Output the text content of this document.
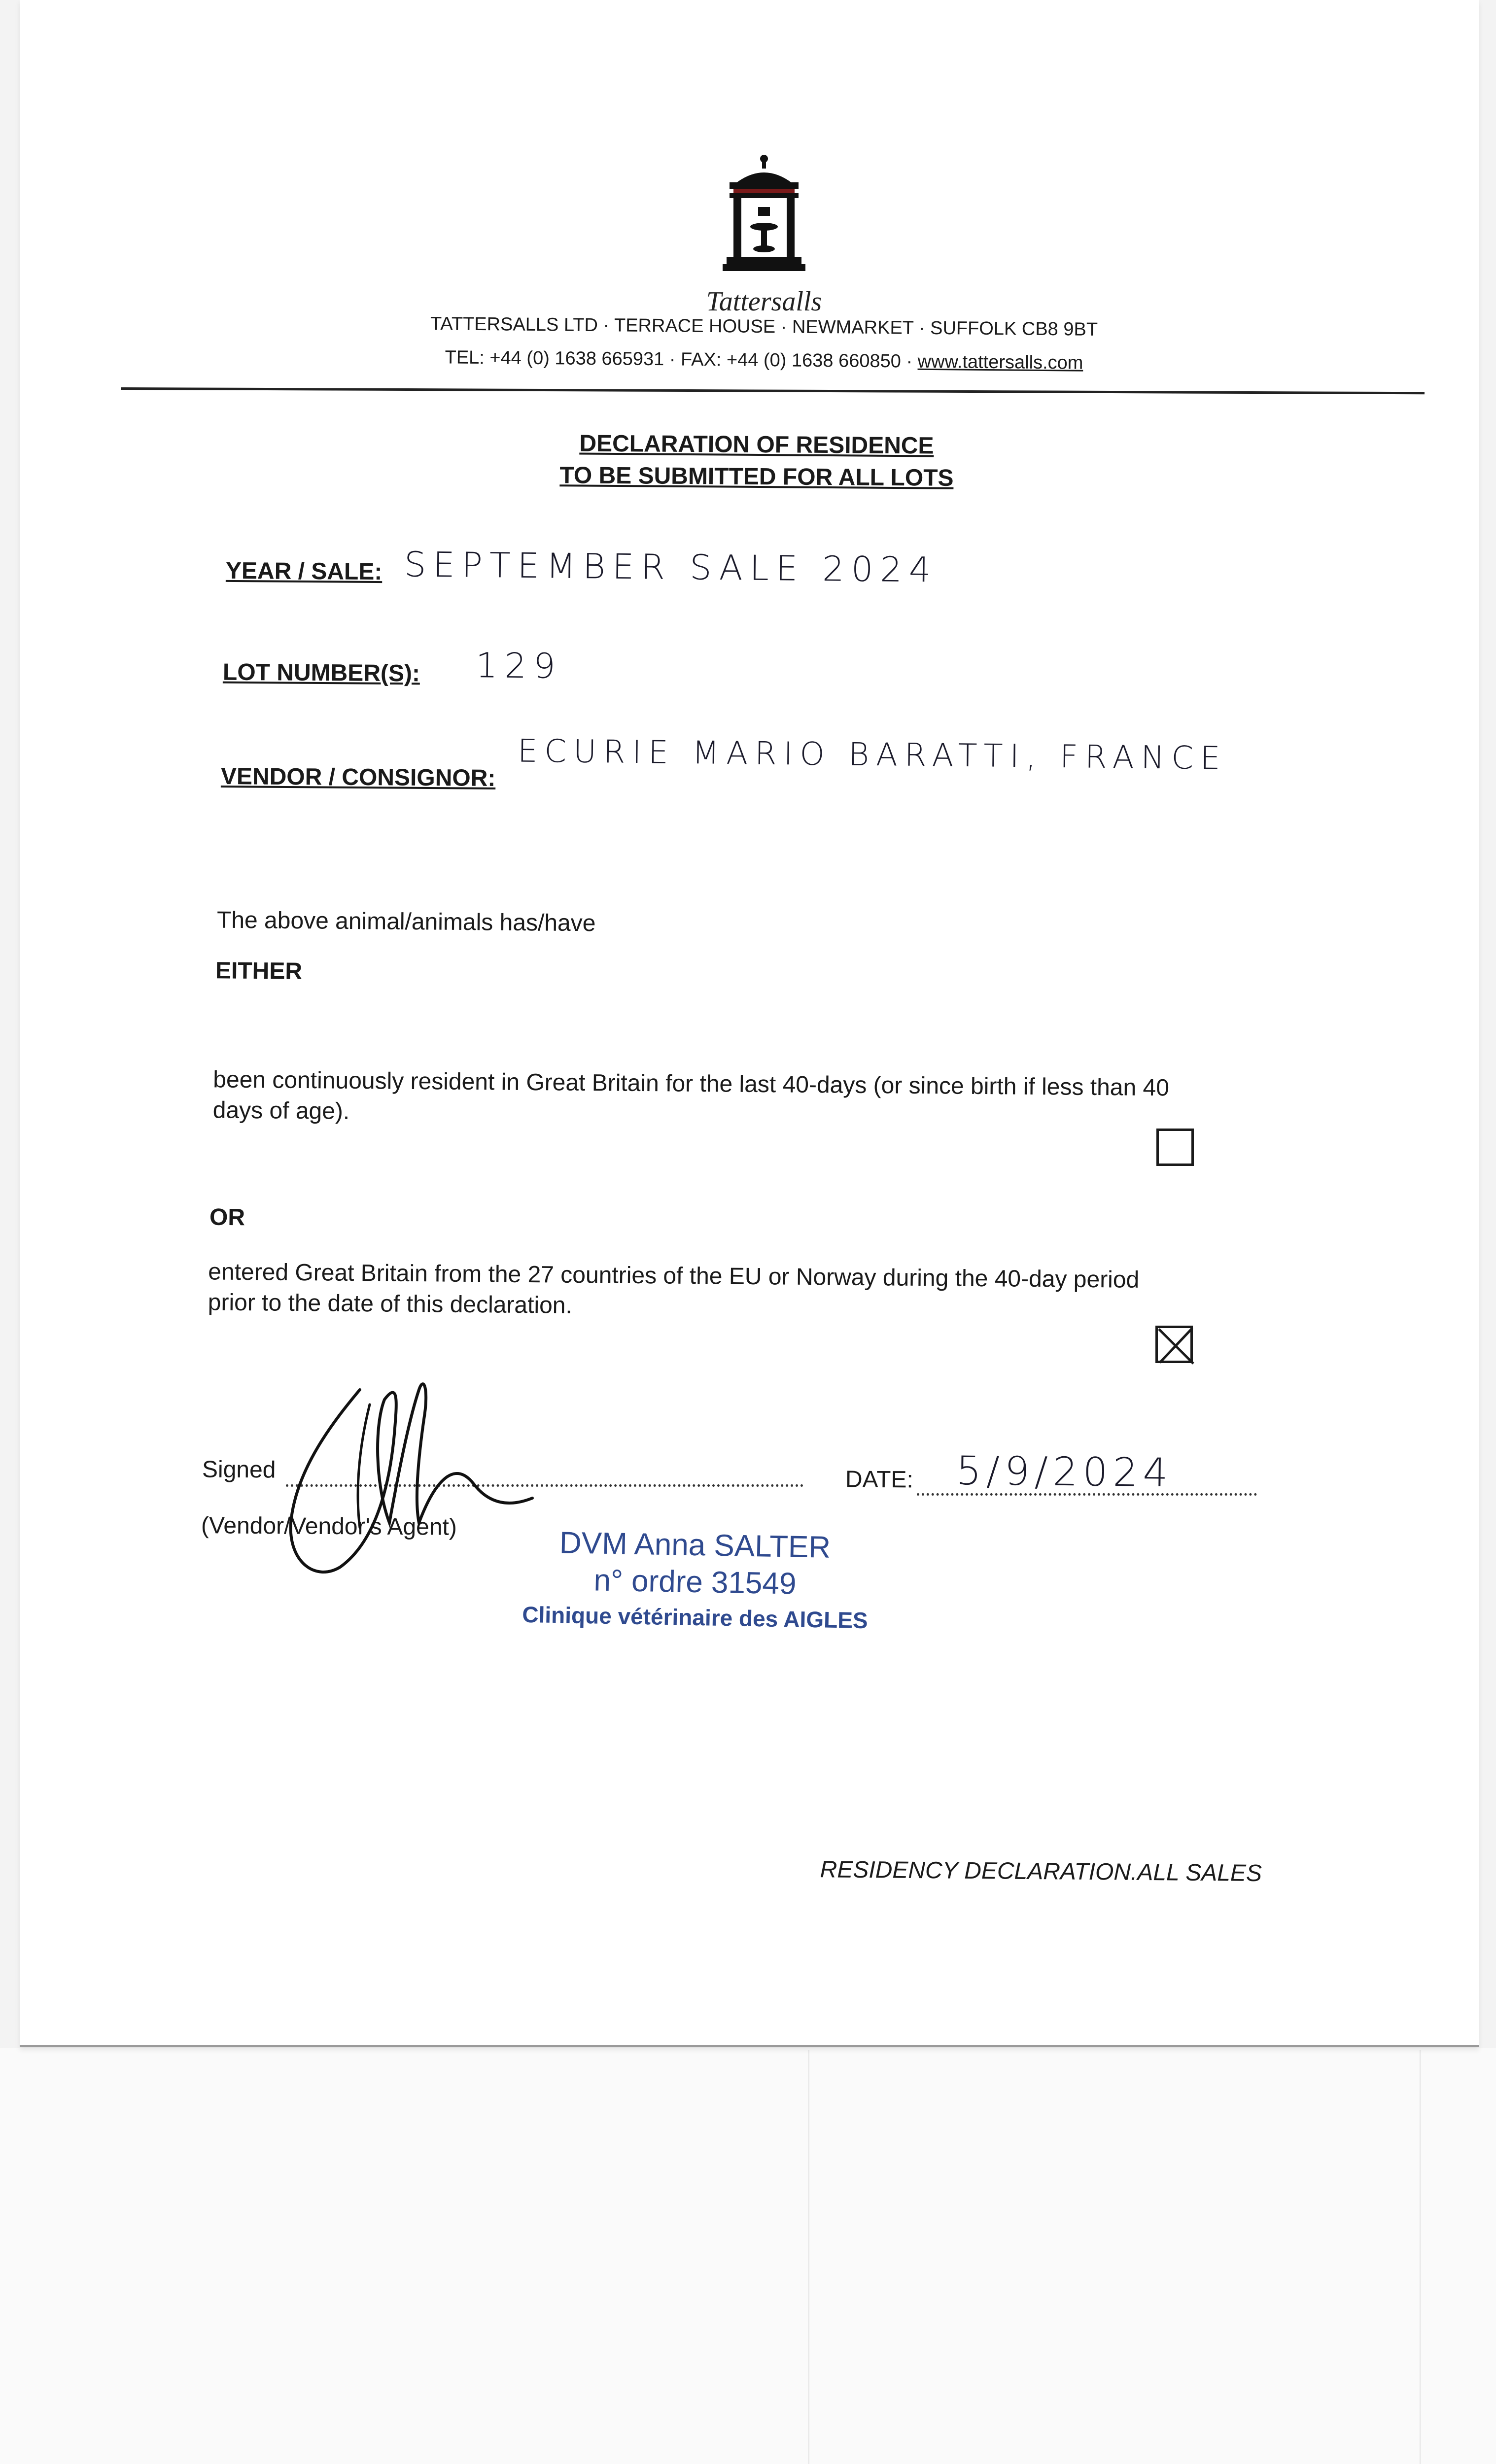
Tattersalls
TATTERSALLS LTD · TERRACE HOUSE · NEWMARKET · SUFFOLK CB8 9BT
TEL: +44 (0) 1638 665931 · FAX: +44 (0) 1638 660850 · www.tattersalls.com
DECLARATION OF RESIDENCE
TO BE SUBMITTED FOR ALL LOTS
YEAR / SALE: SEPTEMBER SALE 2024
LOT NUMBER(S): 129
VENDOR / CONSIGNOR:
ECURIE MARIO BARATTI, FRANCE
The above animal/animals has/have
EITHER
been continuously resident in Great Britain for the last 40-days (or since birth if less than 40
days of age).
OR
entered Great Britain from the 27 countries of the EU or Norway during the 40-day period
prior to the date of this declaration.
Signed
(Vendor/Vendor's Agent)
DATE: 5/9/2024
DVM Anna SALTER
n° ordre 31549
Clinique vétérinaire des AIGLES
RESIDENCY DECLARATION.ALL SALES
